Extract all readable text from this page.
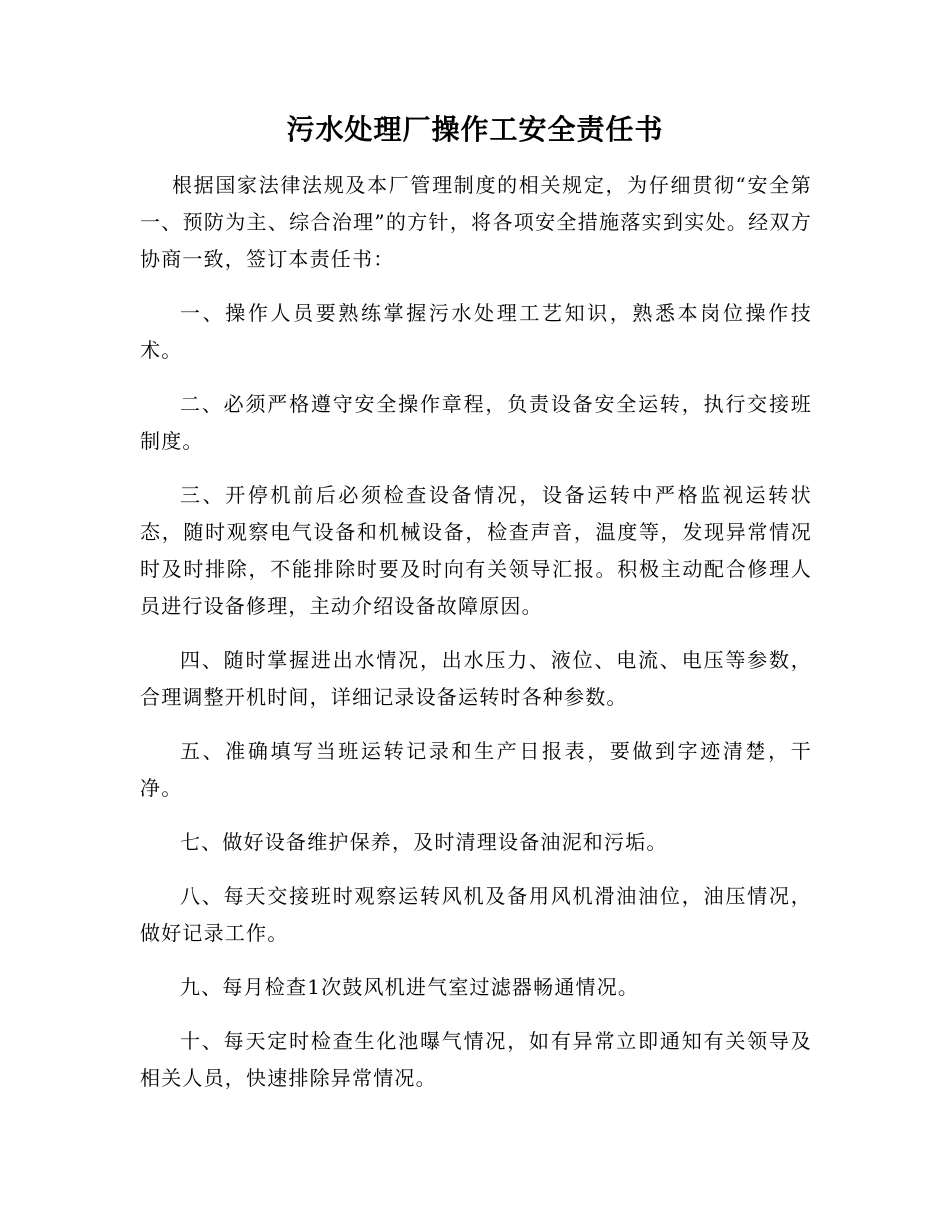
污水处理厂操作工安全责任书

根据国家法律法规及本厂管理制度的相关规定，为仔细贯彻“安全第一、预防为主、综合治理”的方针，将各项安全措施落实到实处。经双方协商一致，签订本责任书：

一、操作人员要熟练掌握污水处理工艺知识，熟悉本岗位操作技术。

二、必须严格遵守安全操作章程，负责设备安全运转，执行交接班制度。

三、开停机前后必须检查设备情况，设备运转中严格监视运转状态，随时观察电气设备和机械设备，检查声音，温度等，发现异常情况时及时排除，不能排除时要及时向有关领导汇报。积极主动配合修理人员进行设备修理，主动介绍设备故障原因。

四、随时掌握进出水情况，出水压力、液位、电流、电压等参数，合理调整开机时间，详细记录设备运转时各种参数。

五、准确填写当班运转记录和生产日报表，要做到字迹清楚，干净。

七、做好设备维护保养，及时清理设备油泥和污垢。

八、每天交接班时观察运转风机及备用风机滑油油位，油压情况，做好记录工作。

九、每月检查1次鼓风机进气室过滤器畅通情况。

十、每天定时检查生化池曝气情况，如有异常立即通知有关领导及相关人员，快速排除异常情况。
